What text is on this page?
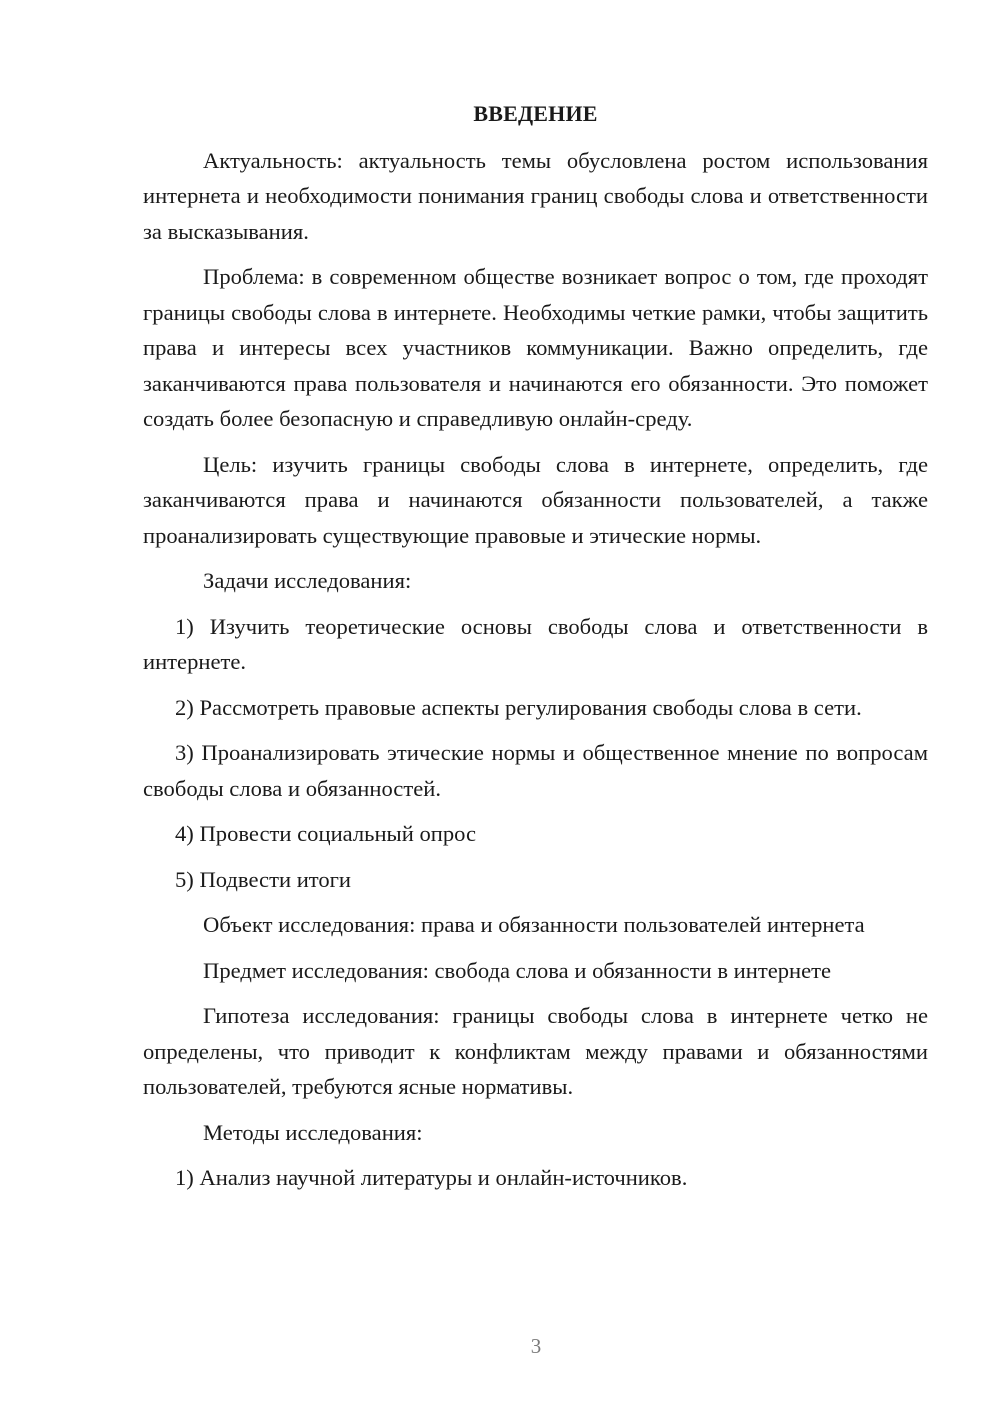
ВВЕДЕНИЕ

Актуальность: актуальность темы обусловлена ростом использования интернета и необходимости понимания границ свободы слова и ответственности за высказывания.

Проблема: в современном обществе возникает вопрос о том, где проходят границы свободы слова в интернете. Необходимы четкие рамки, чтобы защитить права и интересы всех участников коммуникации. Важно определить, где заканчиваются права пользователя и начинаются его обязанности. Это поможет создать более безопасную и справедливую онлайн-среду.

Цель: изучить границы свободы слова в интернете, определить, где заканчиваются права и начинаются обязанности пользователей, а также проанализировать существующие правовые и этические нормы.

Задачи исследования:

1) Изучить теоретические основы свободы слова и ответственности в интернете.

2) Рассмотреть правовые аспекты регулирования свободы слова в сети.

3) Проанализировать этические нормы и общественное мнение по вопросам свободы слова и обязанностей.

4) Провести социальный опрос

5) Подвести итоги

Объект исследования: права и обязанности пользователей интернета

Предмет исследования: свобода слова и обязанности в интернете

Гипотеза исследования: границы свободы слова в интернете четко не определены, что приводит к конфликтам между правами и обязанностями пользователей, требуются ясные нормативы.

Методы исследования:

1) Анализ научной литературы и онлайн-источников.

3
